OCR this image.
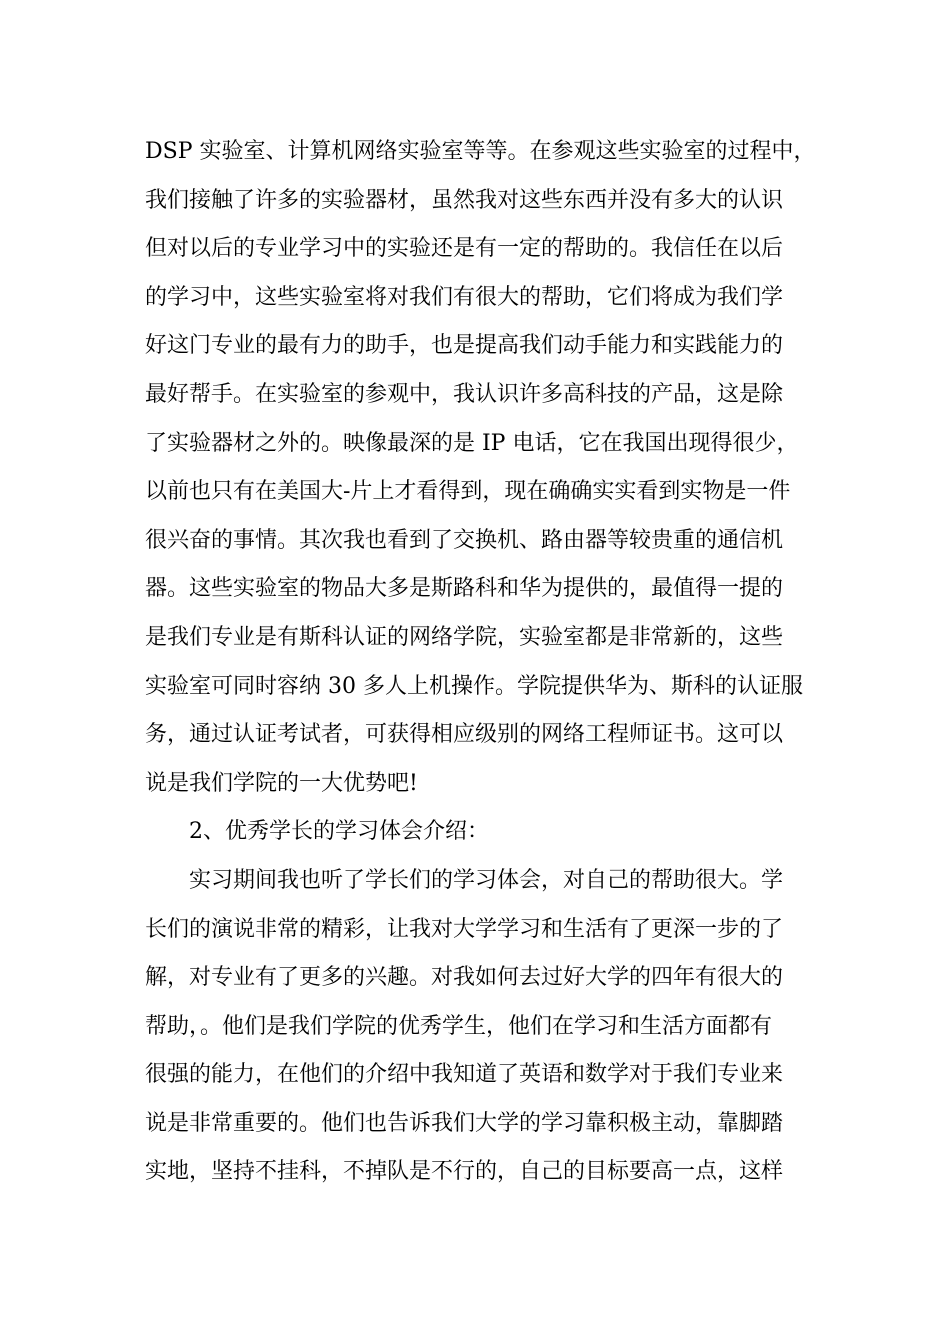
DSP 实验室、计算机网络实验室等等。在参观这些实验室的过程中，
我们接触了许多的实验器材，虽然我对这些东西并没有多大的认识
但对以后的专业学习中的实验还是有一定的帮助的。我信任在以后
的学习中，这些实验室将对我们有很大的帮助，它们将成为我们学
好这门专业的最有力的助手，也是提高我们动手能力和实践能力的
最好帮手。在实验室的参观中，我认识许多高科技的产品，这是除
了实验器材之外的。映像最深的是 IP 电话，它在我国出现得很少，
以前也只有在美国大-片上才看得到，现在确确实实看到实物是一件
很兴奋的事情。其次我也看到了交换机、路由器等较贵重的通信机
器。这些实验室的物品大多是斯路科和华为提供的，最值得一提的
是我们专业是有斯科认证的网络学院，实验室都是非常新的，这些
实验室可同时容纳 30 多人上机操作。学院提供华为、斯科的认证服
务，通过认证考试者，可获得相应级别的网络工程师证书。这可以
说是我们学院的一大优势吧!
2、优秀学长的学习体会介绍：
实习期间我也听了学长们的学习体会，对自己的帮助很大。学
长们的演说非常的精彩，让我对大学学习和生活有了更深一步的了
解，对专业有了更多的兴趣。对我如何去过好大学的四年有很大的
帮助，。他们是我们学院的优秀学生，他们在学习和生活方面都有
很强的能力，在他们的介绍中我知道了英语和数学对于我们专业来
说是非常重要的。他们也告诉我们大学的学习靠积极主动，靠脚踏
实地，坚持不挂科，不掉队是不行的，自己的目标要高一点，这样
